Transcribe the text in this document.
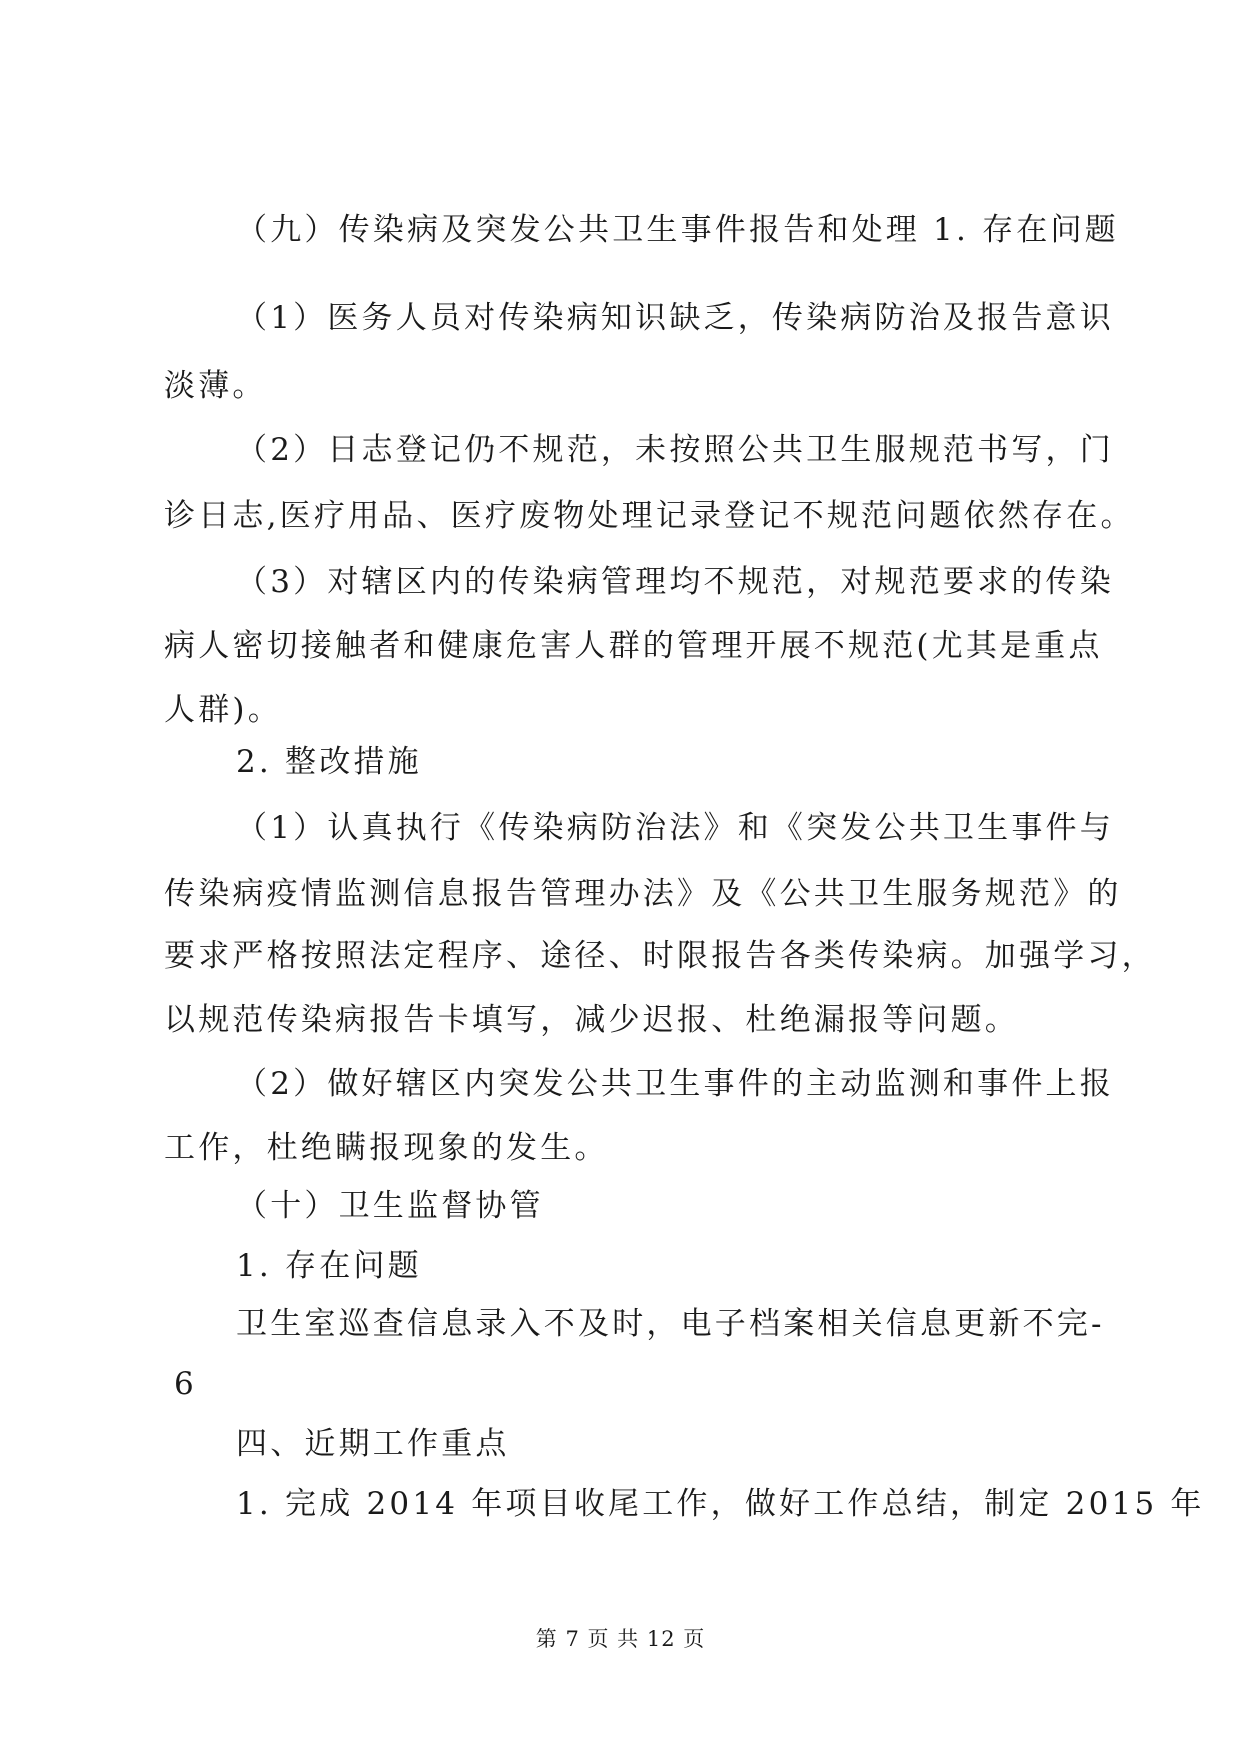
（九）传染病及突发公共卫生事件报告和处理 1. 存在问题
（1）医务人员对传染病知识缺乏，传染病防治及报告意识
淡薄。
（2）日志登记仍不规范，未按照公共卫生服规范书写，门
诊日志,医疗用品、医疗废物处理记录登记不规范问题依然存在。
（3）对辖区内的传染病管理均不规范，对规范要求的传染
病人密切接触者和健康危害人群的管理开展不规范(尤其是重点
人群)。
2. 整改措施
（1）认真执行《传染病防治法》和《突发公共卫生事件与
传染病疫情监测信息报告管理办法》及《公共卫生服务规范》的
要求严格按照法定程序、途径、时限报告各类传染病。加强学习，
以规范传染病报告卡填写，减少迟报、杜绝漏报等问题。
（2）做好辖区内突发公共卫生事件的主动监测和事件上报
工作，杜绝瞒报现象的发生。
（十）卫生监督协管
1. 存在问题
卫生室巡查信息录入不及时，电子档案相关信息更新不完-
6
四、近期工作重点
1. 完成 2014 年项目收尾工作，做好工作总结，制定 2015 年
第 7 页 共 12 页
